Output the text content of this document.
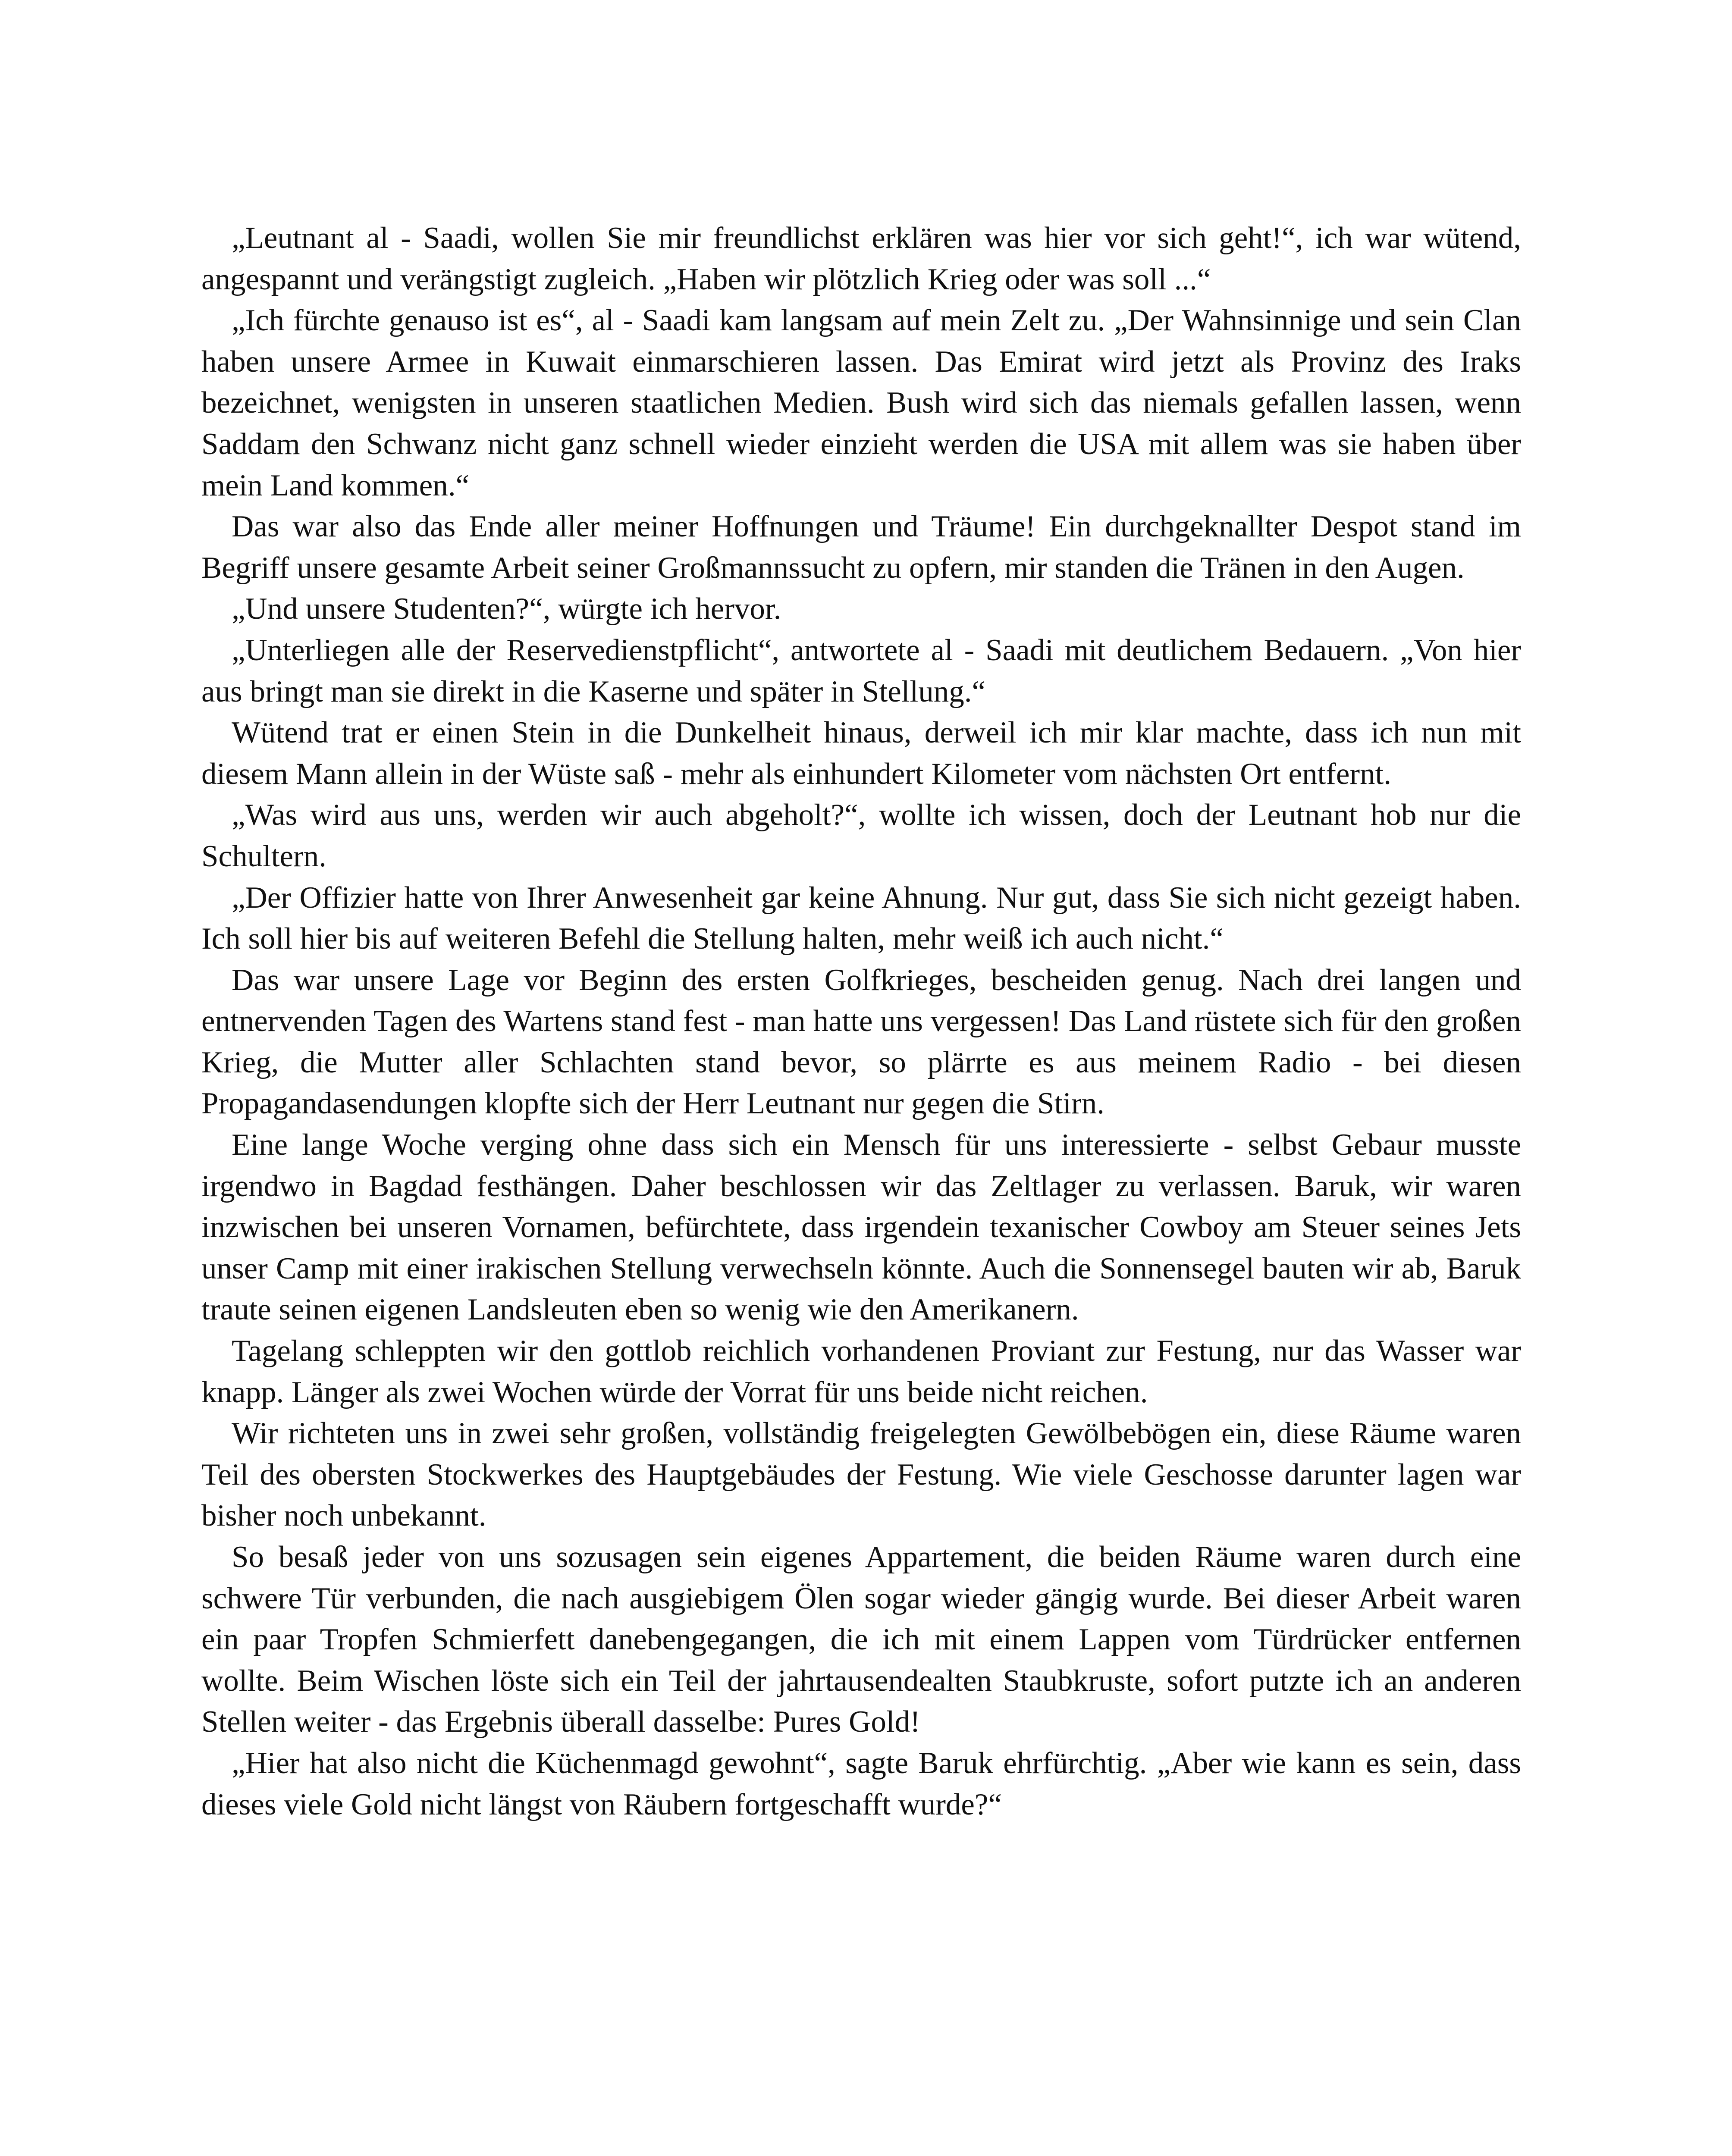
„Leutnant al - Saadi, wollen Sie mir freundlichst erklären was hier vor sich geht!“, ich war wütend, angespannt und verängstigt zugleich. „Haben wir plötzlich Krieg oder was soll ...“

„Ich fürchte genauso ist es“, al - Saadi kam langsam auf mein Zelt zu. „Der Wahnsinnige und sein Clan haben unsere Armee in Kuwait einmarschieren lassen. Das Emirat wird jetzt als Provinz des Iraks bezeichnet, wenigsten in unseren staatlichen Medien. Bush wird sich das niemals gefallen lassen, wenn Saddam den Schwanz nicht ganz schnell wieder einzieht werden die USA mit allem was sie haben über mein Land kommen.“

Das war also das Ende aller meiner Hoffnungen und Träume! Ein durchgeknallter Despot stand im Begriff unsere gesamte Arbeit seiner Großmannssucht zu opfern, mir standen die Tränen in den Augen.

„Und unsere Studenten?“, würgte ich hervor.

„Unterliegen alle der Reservedienstpflicht“, antwortete al - Saadi mit deutlichem Bedauern. „Von hier aus bringt man sie direkt in die Kaserne und später in Stellung.“

Wütend trat er einen Stein in die Dunkelheit hinaus, derweil ich mir klar machte, dass ich nun mit diesem Mann allein in der Wüste saß - mehr als einhundert Kilometer vom nächsten Ort entfernt.

„Was wird aus uns, werden wir auch abgeholt?“, wollte ich wissen, doch der Leutnant hob nur die Schultern.

„Der Offizier hatte von Ihrer Anwesenheit gar keine Ahnung. Nur gut, dass Sie sich nicht gezeigt haben. Ich soll hier bis auf weiteren Befehl die Stellung halten, mehr weiß ich auch nicht.“

Das war unsere Lage vor Beginn des ersten Golfkrieges, bescheiden genug. Nach drei langen und entnervenden Tagen des Wartens stand fest - man hatte uns vergessen! Das Land rüstete sich für den großen Krieg, die Mutter aller Schlachten stand bevor, so plärrte es aus meinem Radio - bei diesen Propagandasendungen klopfte sich der Herr Leutnant nur gegen die Stirn.

Eine lange Woche verging ohne dass sich ein Mensch für uns interessierte - selbst Gebaur musste irgendwo in Bagdad festhängen. Daher beschlossen wir das Zeltlager zu verlassen. Baruk, wir waren inzwischen bei unseren Vornamen, befürchtete, dass irgendein texanischer Cowboy am Steuer seines Jets unser Camp mit einer irakischen Stellung verwechseln könnte. Auch die Sonnensegel bauten wir ab, Baruk traute seinen eigenen Landsleuten eben so wenig wie den Amerikanern.

Tagelang schleppten wir den gottlob reichlich vorhandenen Proviant zur Festung, nur das Wasser war knapp. Länger als zwei Wochen würde der Vorrat für uns beide nicht reichen.

Wir richteten uns in zwei sehr großen, vollständig freigelegten Gewölbebögen ein, diese Räume waren Teil des obersten Stockwerkes des Hauptgebäudes der Festung. Wie viele Geschosse darunter lagen war bisher noch unbekannt.

So besaß jeder von uns sozusagen sein eigenes Appartement, die beiden Räume waren durch eine schwere Tür verbunden, die nach ausgiebigem Ölen sogar wieder gängig wurde. Bei dieser Arbeit waren ein paar Tropfen Schmierfett danebengegangen, die ich mit einem Lappen vom Türdrücker entfernen wollte. Beim Wischen löste sich ein Teil der jahrtausendealten Staubkruste, sofort putzte ich an anderen Stellen weiter - das Ergebnis überall dasselbe: Pures Gold!

„Hier hat also nicht die Küchenmagd gewohnt“, sagte Baruk ehrfürchtig. „Aber wie kann es sein, dass dieses viele Gold nicht längst von Räubern fortgeschafft wurde?“
